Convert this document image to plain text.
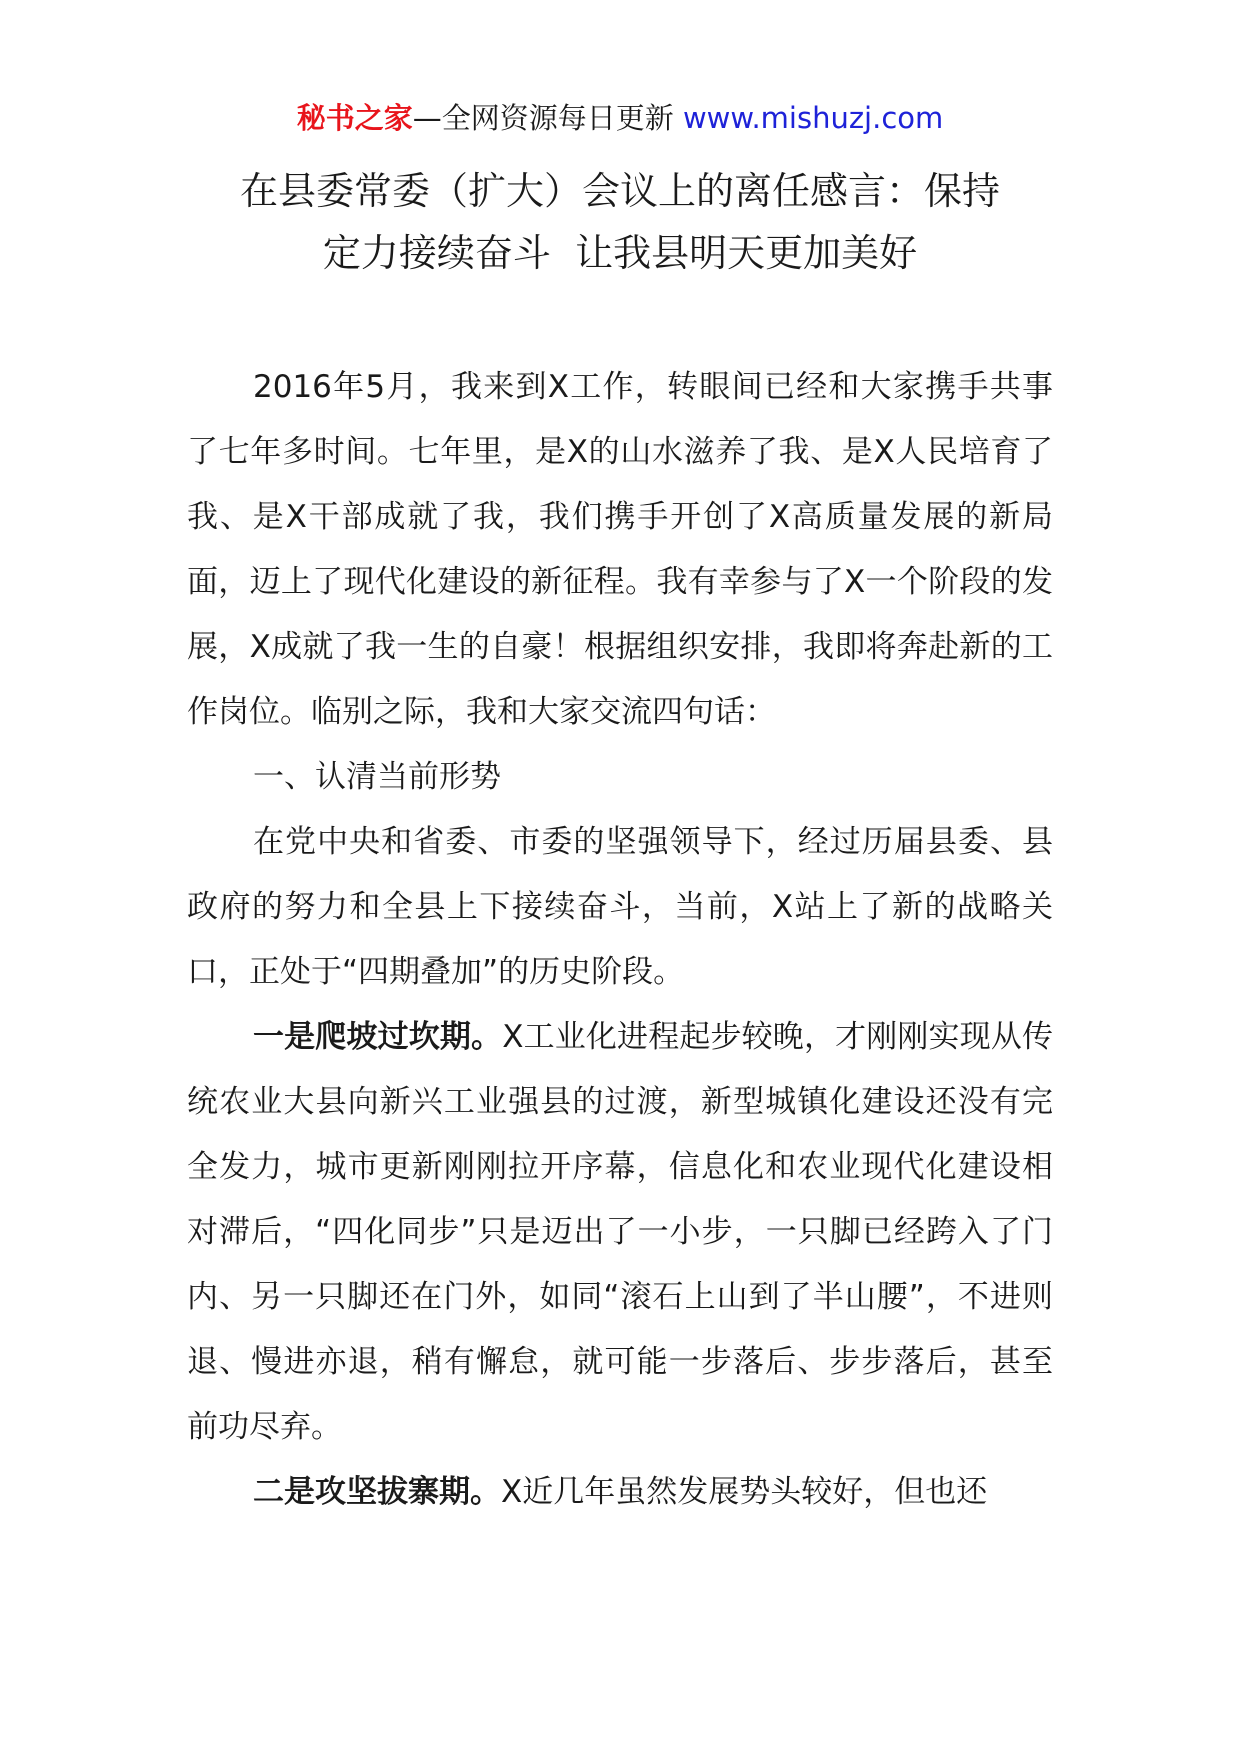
秘书之家—全网资源每日更新 www.mishuzj.com
在县委常委（扩大）会议上的离任感言：保持
定力接续奋斗  让我县明天更加美好

2016年5月，我来到X工作，转眼间已经和大家携手共事了七年多时间。七年里，是X的山水滋养了我、是X人民培育了我、是X干部成就了我，我们携手开创了X高质量发展的新局面，迈上了现代化建设的新征程。我有幸参与了X一个阶段的发展，X成就了我一生的自豪！根据组织安排，我即将奔赴新的工作岗位。临别之际，我和大家交流四句话：

一、认清当前形势

在党中央和省委、市委的坚强领导下，经过历届县委、县政府的努力和全县上下接续奋斗，当前，X站上了新的战略关口，正处于“四期叠加”的历史阶段。

一是爬坡过坎期。X工业化进程起步较晚，才刚刚实现从传统农业大县向新兴工业强县的过渡，新型城镇化建设还没有完全发力，城市更新刚刚拉开序幕，信息化和农业现代化建设相对滞后，“四化同步”只是迈出了一小步，一只脚已经跨入了门内、另一只脚还在门外，如同“滚石上山到了半山腰”，不进则退、慢进亦退，稍有懈怠，就可能一步落后、步步落后，甚至前功尽弃。

二是攻坚拔寨期。X近几年虽然发展势头较好，但也还
